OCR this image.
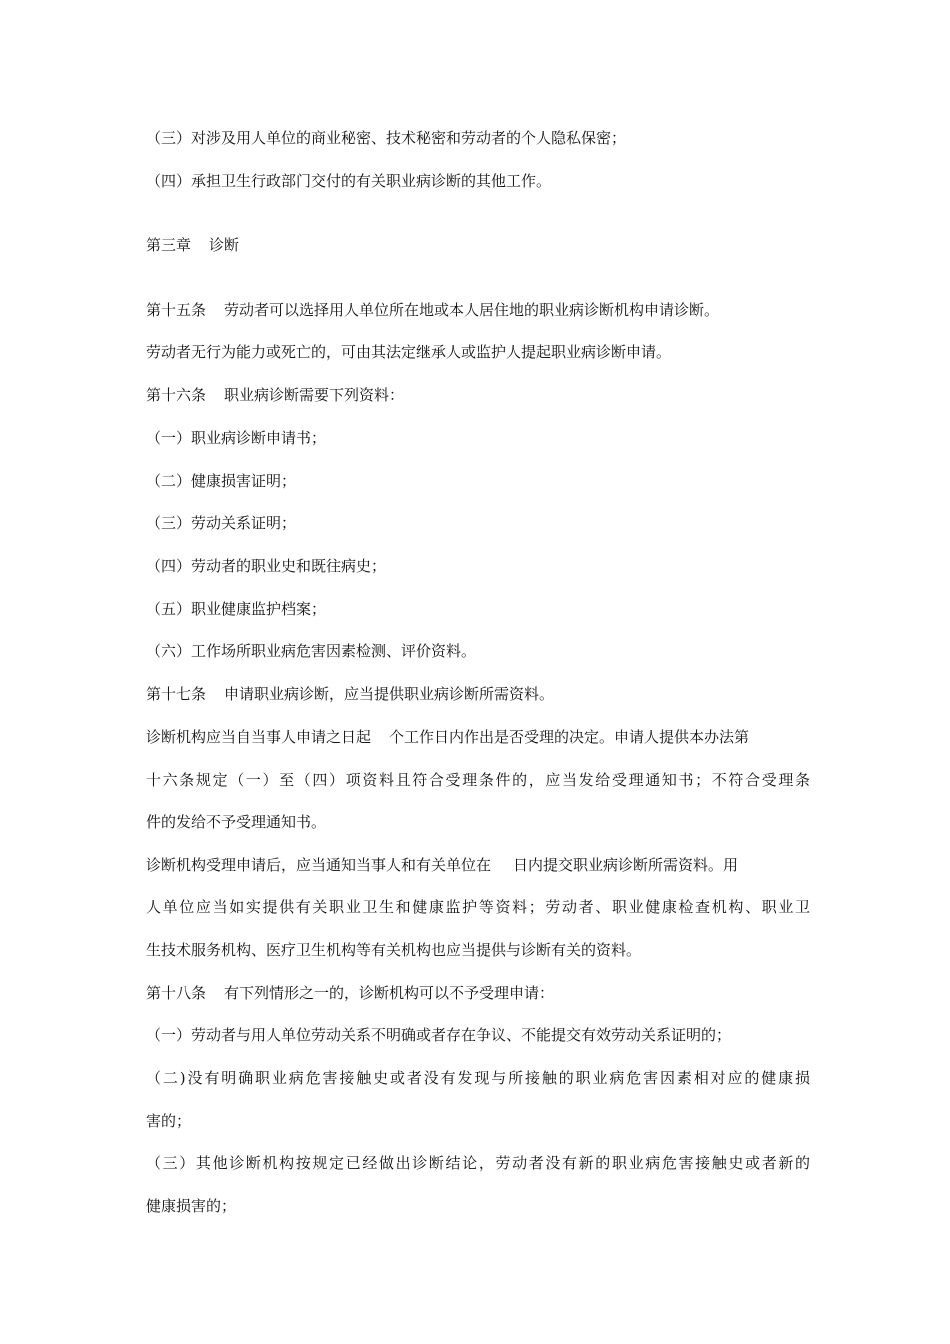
（三）对涉及用人单位的商业秘密、技术秘密和劳动者的个人隐私保密；
（四）承担卫生行政部门交付的有关职业病诊断的其他工作。
第三章 诊断
第十五条 劳动者可以选择用人单位所在地或本人居住地的职业病诊断机构申请诊断。
劳动者无行为能力或死亡的，可由其法定继承人或监护人提起职业病诊断申请。
第十六条 职业病诊断需要下列资料：
（一）职业病诊断申请书；
（二）健康损害证明；
（三）劳动关系证明；
（四）劳动者的职业史和既往病史；
（五）职业健康监护档案；
（六）工作场所职业病危害因素检测、评价资料。
第十七条 申请职业病诊断，应当提供职业病诊断所需资料。
诊断机构应当自当事人申请之日起 个工作日内作出是否受理的决定。申请人提供本办法第
十六条规定（一）至（四）项资料且符合受理条件的，应当发给受理通知书；不符合受理条
件的发给不予受理通知书。
诊断机构受理申请后，应当通知当事人和有关单位在 日内提交职业病诊断所需资料。用
人单位应当如实提供有关职业卫生和健康监护等资料；劳动者、职业健康检查机构、职业卫
生技术服务机构、医疗卫生机构等有关机构也应当提供与诊断有关的资料。
第十八条 有下列情形之一的，诊断机构可以不予受理申请：
（一）劳动者与用人单位劳动关系不明确或者存在争议、不能提交有效劳动关系证明的；
（二)没有明确职业病危害接触史或者没有发现与所接触的职业病危害因素相对应的健康损
害的；
（三）其他诊断机构按规定已经做出诊断结论，劳动者没有新的职业病危害接触史或者新的
健康损害的；
